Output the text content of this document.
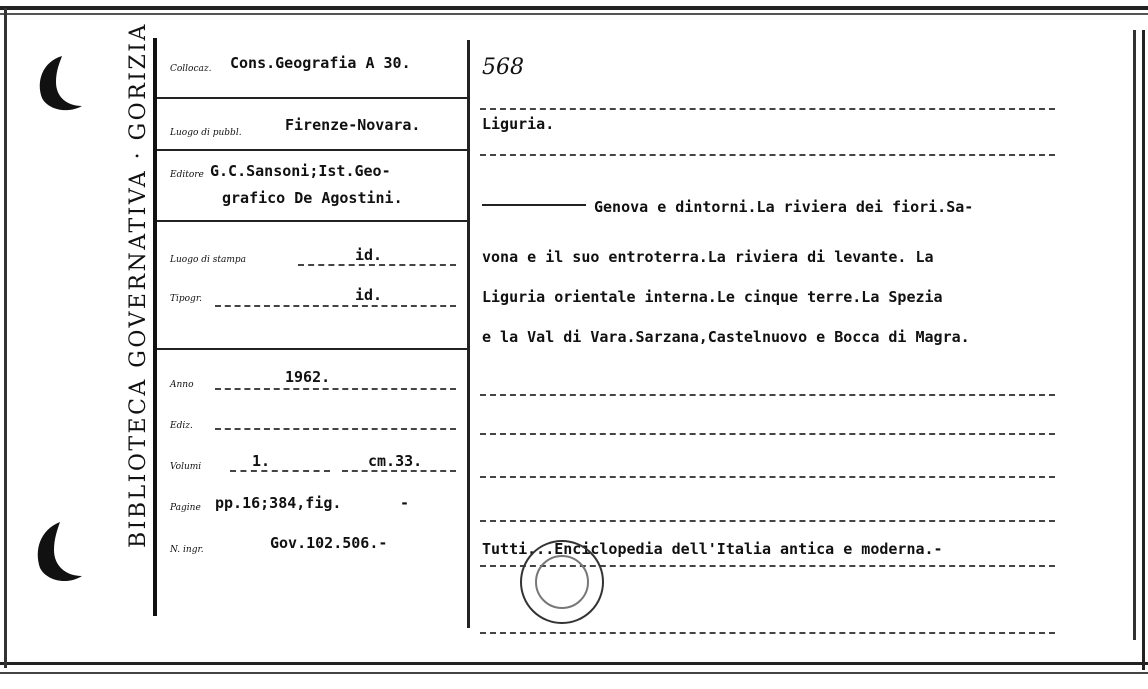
BIBLIOTECA GOVERNATIVA · GORIZIA Collocaz. Cons.Geografia A 30.
Luogo di pubbl.	Firenze-Novara.
Editore G.C.Sansoni;Ist.Geo-
grafico De Agostini.
Luogo di stampa	id.
Tipogr.	id.
Anno	1962.
Ediz.
Volumi	1.	cm.33.
Pagine pp.16;384,fig.	-
N. ingr.	Gov.102.506.-
568
Liguria.
Genova e dintorni.La riviera dei fiori.Sa-
vona e il suo entroterra.La riviera di levante. La
Liguria orientale interna.Le cinque terre.La Spezia
e la Val di Vara.Sarzana,Castelnuovo e Bocca di Magra.
Tutti...Enciclopedia dell'Italia antica e moderna.-
